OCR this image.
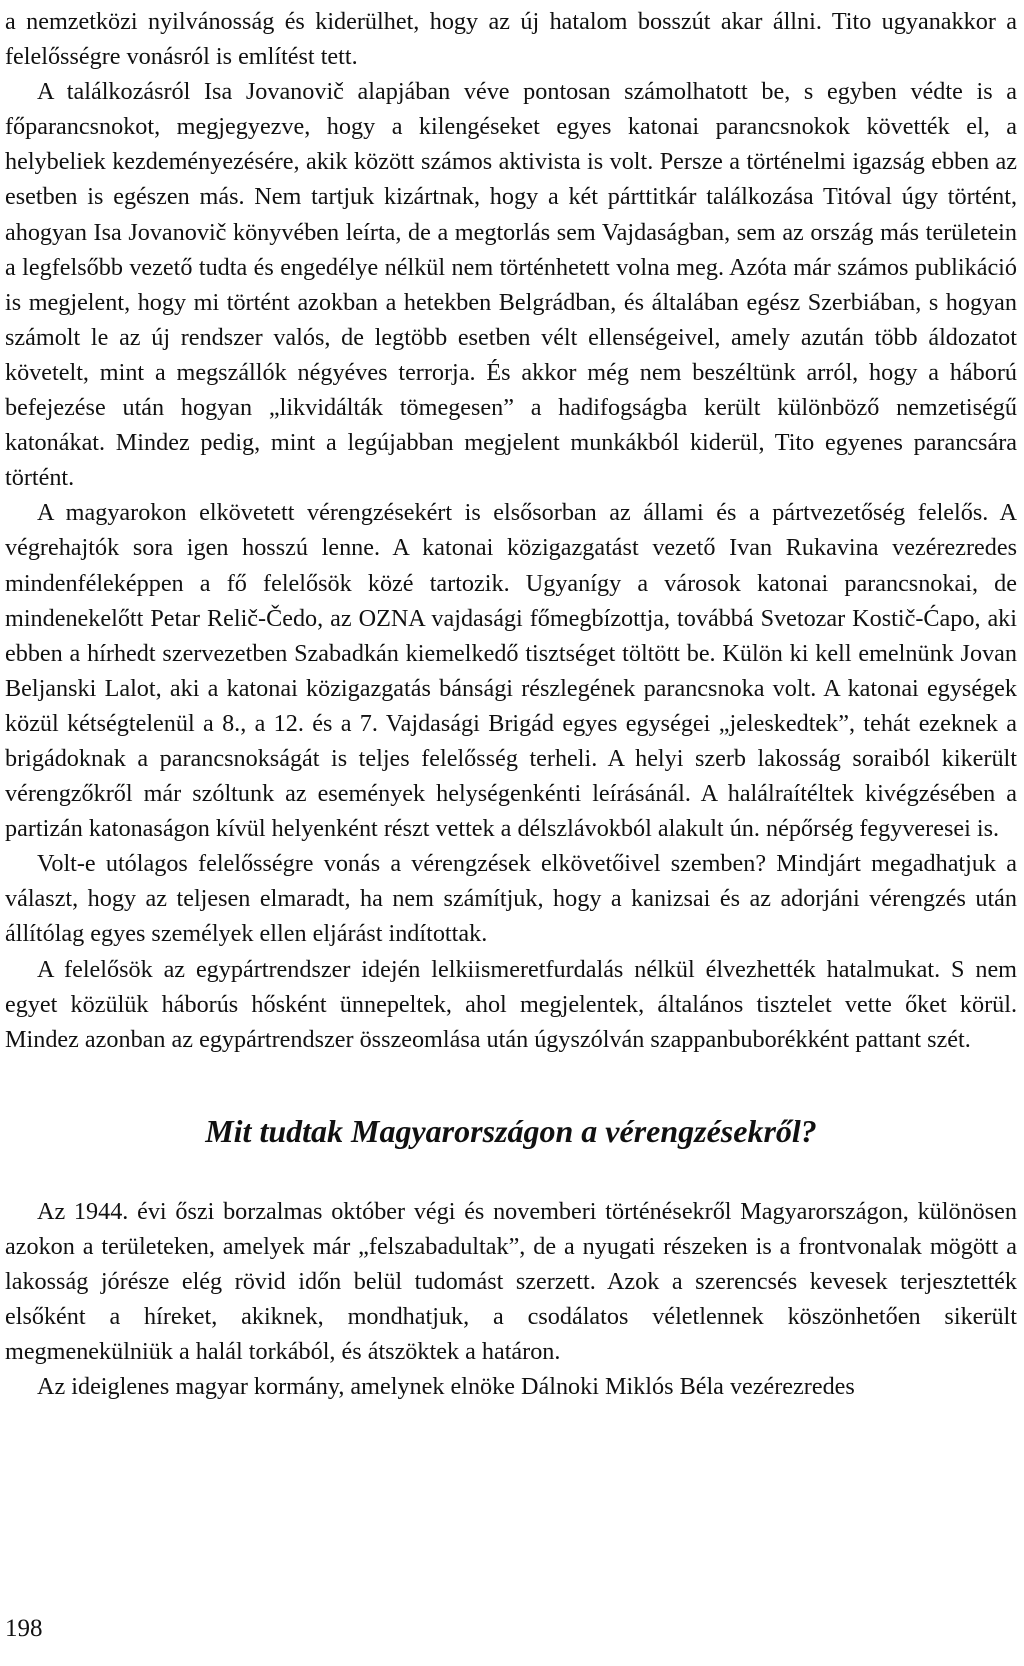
a nemzetközi nyilvánosság és kiderülhet, hogy az új hatalom bosszút akar állni. Tito ugyanakkor a felelősségre vonásról is említést tett.

A találkozásról Isa Jovanovič alapjában véve pontosan számolhatott be, s egyben védte is a főparancsnokot, megjegyezve, hogy a kilengéseket egyes katonai parancsnokok követték el, a helybeliek kezdeményezésére, akik között számos aktivista is volt. Persze a történelmi igazság ebben az esetben is egészen más. Nem tartjuk kizártnak, hogy a két párttitkár találkozása Titóval úgy történt, ahogyan Isa Jovanovič könyvében leírta, de a megtorlás sem Vajdaságban, sem az ország más területein a legfelsőbb vezető tudta és engedélye nélkül nem történhetett volna meg. Azóta már számos publikáció is megjelent, hogy mi történt azokban a hetekben Belgrádban, és általában egész Szerbiában, s hogyan számolt le az új rendszer valós, de legtöbb esetben vélt ellenségeivel, amely azután több áldozatot követelt, mint a megszállók négyéves terrorja. És akkor még nem beszéltünk arról, hogy a háború befejezése után hogyan „likvidálták tömegesen” a hadifogságba került különböző nemzetiségű katonákat. Mindez pedig, mint a legújabban megjelent munkákból kiderül, Tito egyenes parancsára történt.

A magyarokon elkövetett vérengzésekért is elsősorban az állami és a pártvezetőség felelős. A végrehajtók sora igen hosszú lenne. A katonai közigazgatást vezető Ivan Rukavina vezérezredes mindenféleképpen a fő felelősök közé tartozik. Ugyanígy a városok katonai parancsnokai, de mindenekelőtt Petar Relič-Čedo, az OZNA vajdasági főmegbízottja, továbbá Svetozar Kostič-Ćapo, aki ebben a hírhedt szervezetben Szabadkán kiemelkedő tisztséget töltött be. Külön ki kell emelnünk Jovan Beljanski Lalot, aki a katonai közigazgatás bánsági részlegének parancsnoka volt. A katonai egységek közül kétségtelenül a 8., a 12. és a 7. Vajdasági Brigád egyes egységei „jeleskedtek”, tehát ezeknek a brigádoknak a parancsnokságát is teljes felelősség terheli. A helyi szerb lakosság soraiból kikerült vérengzőkről már szóltunk az események helységenkénti leírásánál. A halálraítéltek kivégzésében a partizán katonaságon kívül helyenként részt vettek a délszlávokból alakult ún. népőrség fegyveresei is.

Volt-e utólagos felelősségre vonás a vérengzések elkövetőivel szemben? Mindjárt megadhatjuk a választ, hogy az teljesen elmaradt, ha nem számítjuk, hogy a kanizsai és az adorjáni vérengzés után állítólag egyes személyek ellen eljárást indítottak.

A felelősök az egypártrendszer idején lelkiismeretfurdalás nélkül élvezhették hatalmukat. S nem egyet közülük háborús hősként ünnepeltek, ahol megjelentek, általános tisztelet vette őket körül. Mindez azonban az egypártrendszer összeomlása után úgyszólván szappanbuborékként pattant szét.

Mit tudtak Magyarországon a vérengzésekről?

Az 1944. évi őszi borzalmas október végi és novemberi történésekről Magyarországon, különösen azokon a területeken, amelyek már „felszabadultak”, de a nyugati részeken is a frontvonalak mögött a lakosság jórésze elég rövid időn belül tudomást szerzett. Azok a szerencsés kevesek terjesztették elsőként a híreket, akiknek, mondhatjuk, a csodálatos véletlennek köszönhetően sikerült megmenekülniük a halál torkából, és átszöktek a határon.

Az ideiglenes magyar kormány, amelynek elnöke Dálnoki Miklós Béla vezérezredes

198
